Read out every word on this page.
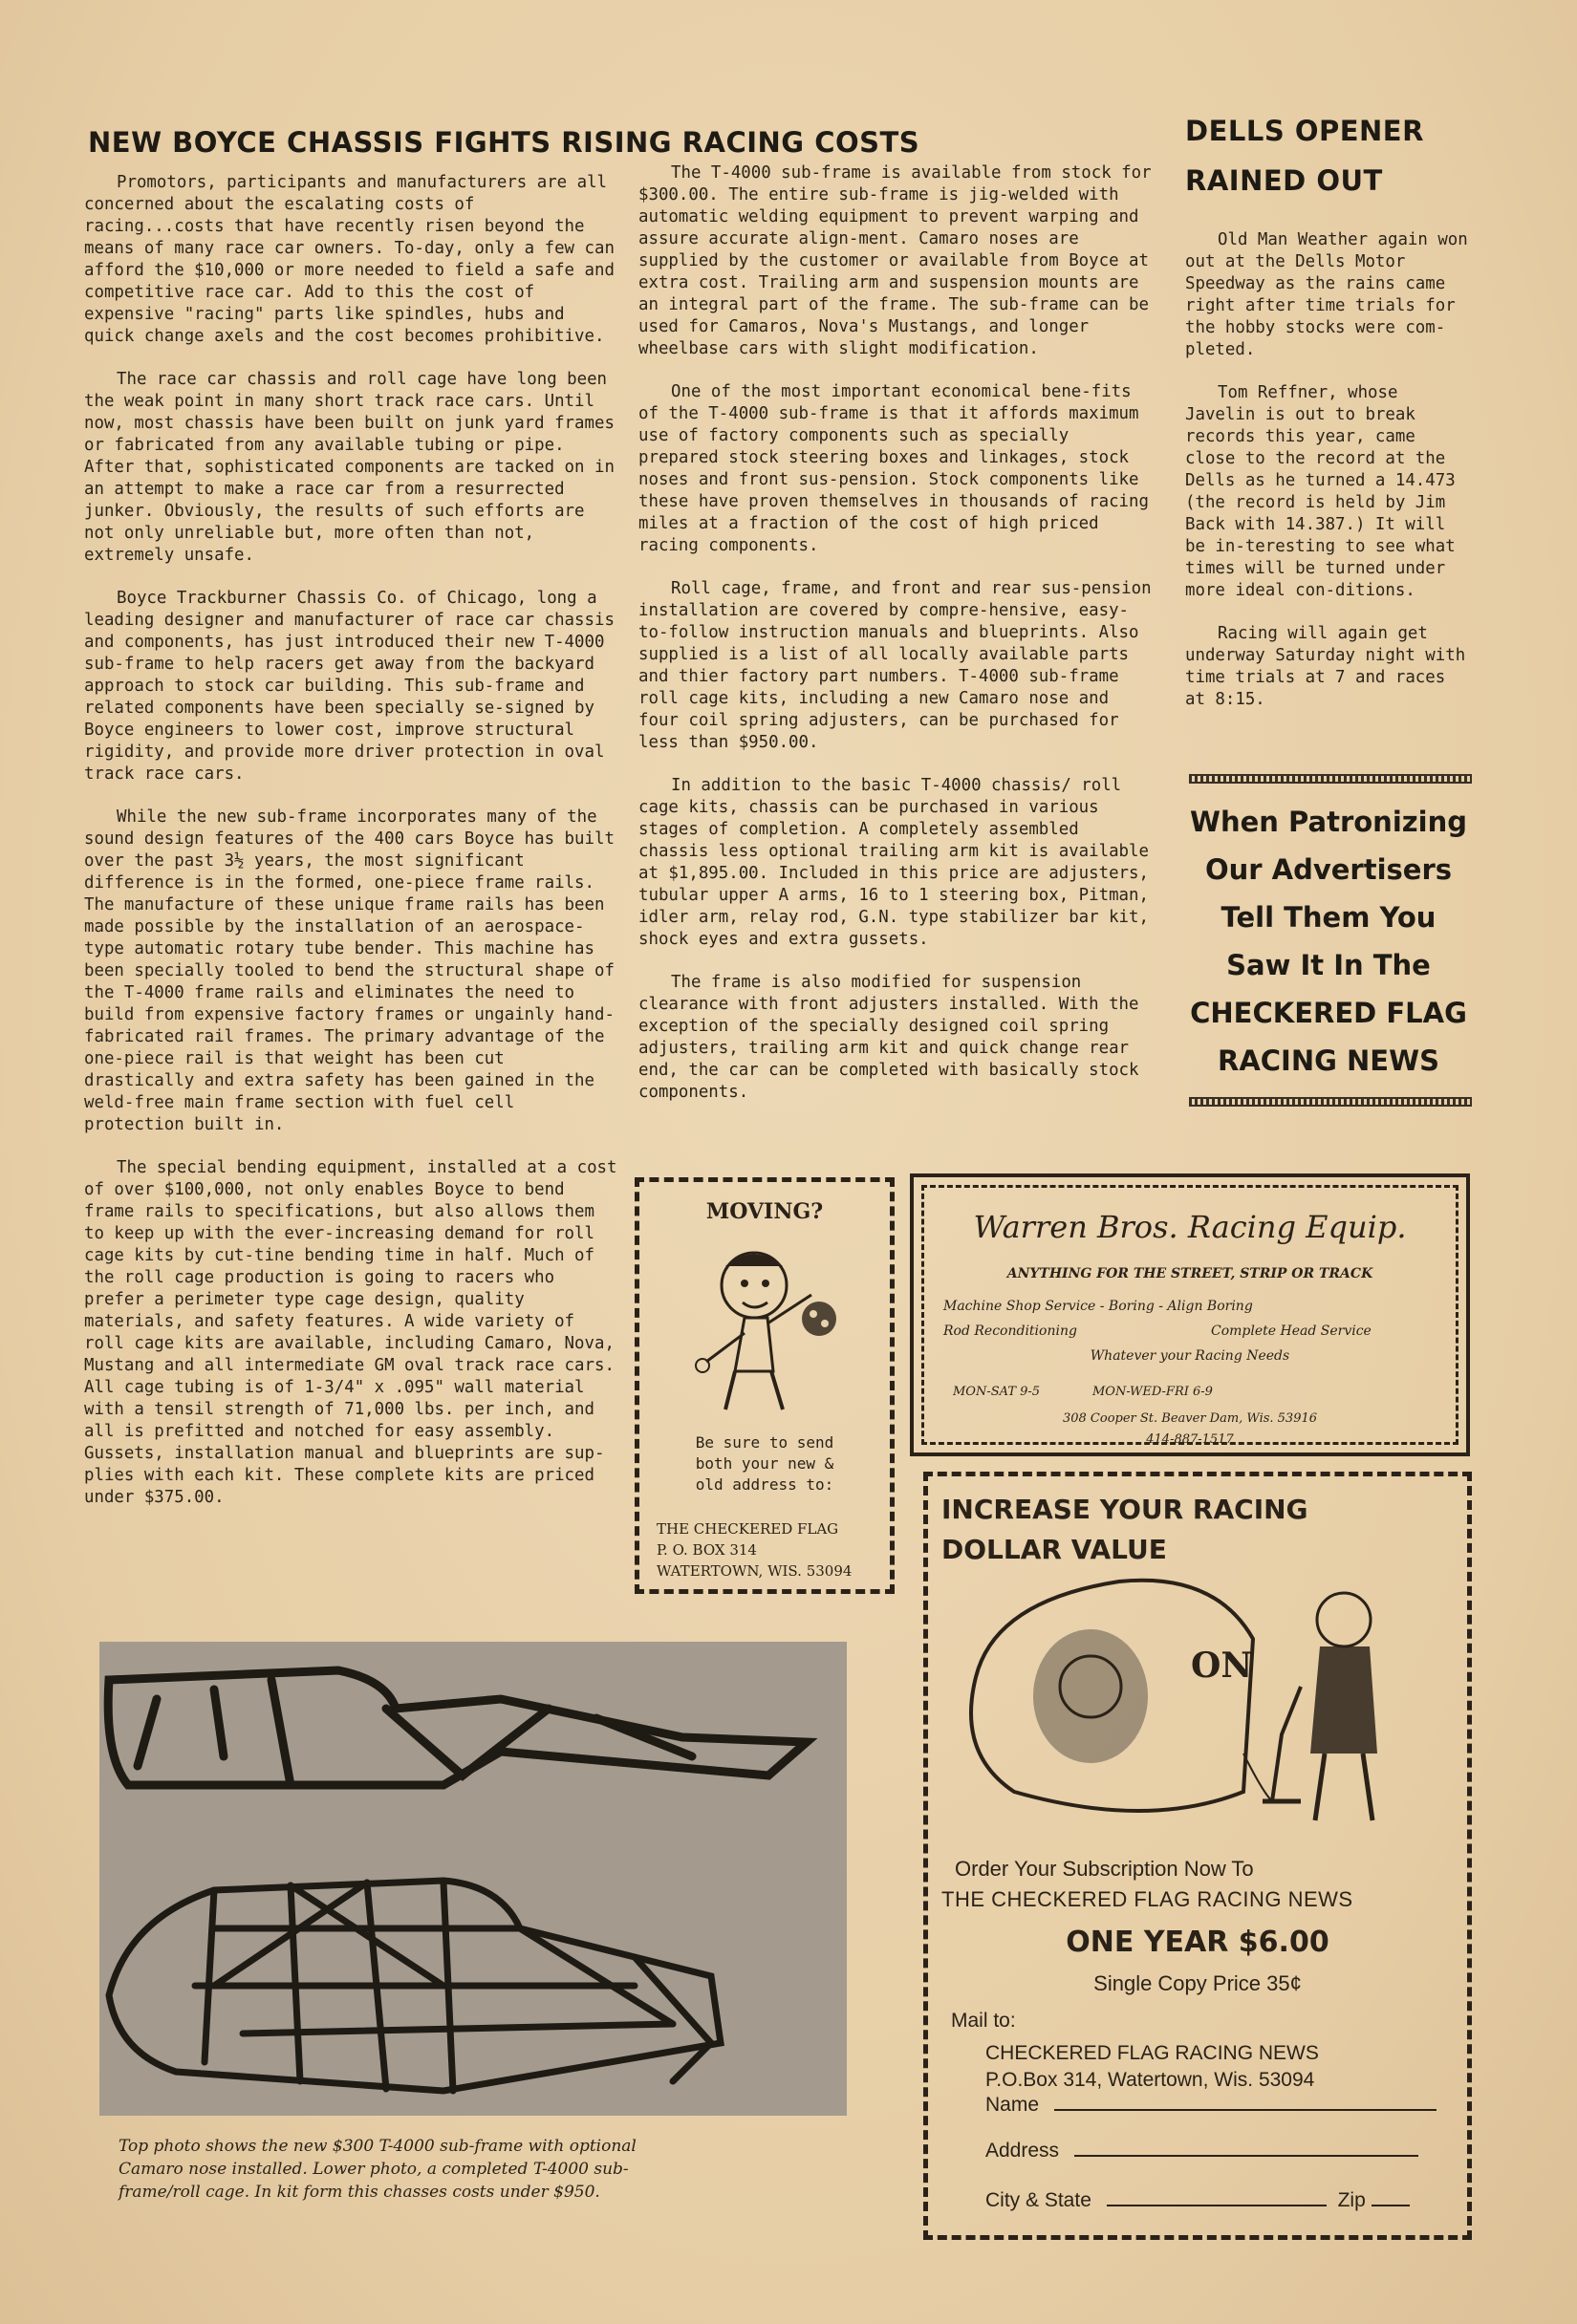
NEW BOYCE CHASSIS FIGHTS RISING RACING COSTS

Promotors, participants and manufacturers are all concerned about the escalating costs of racing...costs that have recently risen beyond the means of many race car owners. To-day, only a few can afford the $10,000 or more needed to field a safe and competitive race car. Add to this the cost of expensive "racing" parts like spindles, hubs and quick change axels and the cost becomes prohibitive.

The race car chassis and roll cage have long been the weak point in many short track race cars. Until now, most chassis have been built on junk yard frames or fabricated from any available tubing or pipe. After that, sophisticated components are tacked on in an attempt to make a race car from a resurrected junker. Obviously, the results of such efforts are not only unreliable but, more often than not, extremely unsafe.

Boyce Trackburner Chassis Co. of Chicago, long a leading designer and manufacturer of race car chassis and components, has just introduced their new T-4000 sub-frame to help racers get away from the backyard approach to stock car building. This sub-frame and related components have been specially se-signed by Boyce engineers to lower cost, improve structural rigidity, and provide more driver protection in oval track race cars.

While the new sub-frame incorporates many of the sound design features of the 400 cars Boyce has built over the past 3½ years, the most significant difference is in the formed, one-piece frame rails. The manufacture of these unique frame rails has been made possible by the installation of an aerospace-type automatic rotary tube bender. This machine has been specially tooled to bend the structural shape of the T-4000 frame rails and eliminates the need to build from expensive factory frames or ungainly hand-fabricated rail frames. The primary advantage of the one-piece rail is that weight has been cut drastically and extra safety has been gained in the weld-free main frame section with fuel cell protection built in.

The special bending equipment, installed at a cost of over $100,000, not only enables Boyce to bend frame rails to specifications, but also allows them to keep up with the ever-increasing demand for roll cage kits by cut-tine bending time in half. Much of the roll cage production is going to racers who prefer a perimeter type cage design, quality materials, and safety features. A wide variety of roll cage kits are available, including Camaro, Nova, Mustang and all intermediate GM oval track race cars. All cage tubing is of 1-3/4" x .095" wall material with a tensil strength of 71,000 lbs. per inch, and all is prefitted and notched for easy assembly. Gussets, installation manual and blueprints are sup-plies with each kit. These complete kits are priced under $375.00.

The T-4000 sub-frame is available from stock for $300.00. The entire sub-frame is jig-welded with automatic welding equipment to prevent warping and assure accurate align-ment. Camaro noses are supplied by the customer or available from Boyce at extra cost. Trailing arm and suspension mounts are an integral part of the frame. The sub-frame can be used for Camaros, Nova's Mustangs, and longer wheelbase cars with slight modification.

One of the most important economical bene-fits of the T-4000 sub-frame is that it affords maximum use of factory components such as specially prepared stock steering boxes and linkages, stock noses and front sus-pension. Stock components like these have proven themselves in thousands of racing miles at a fraction of the cost of high priced racing components.

Roll cage, frame, and front and rear sus-pension installation are covered by compre-hensive, easy-to-follow instruction manuals and blueprints. Also supplied is a list of all locally available parts and thier factory part numbers. T-4000 sub-frame roll cage kits, including a new Camaro nose and four coil spring adjusters, can be purchased for less than $950.00.

In addition to the basic T-4000 chassis/ roll cage kits, chassis can be purchased in various stages of completion. A completely assembled chassis less optional trailing arm kit is available at $1,895.00. Included in this price are adjusters, tubular upper A arms, 16 to 1 steering box, Pitman, idler arm, relay rod, G.N. type stabilizer bar kit, shock eyes and extra gussets.

The frame is also modified for suspension clearance with front adjusters installed. With the exception of the specially designed coil spring adjusters, trailing arm kit and quick change rear end, the car can be completed with basically stock components.

DELLS OPENER
RAINED OUT

Old Man Weather again won out at the Dells Motor Speedway as the rains came right after time trials for the hobby stocks were com-pleted.

Tom Reffner, whose Javelin is out to break records this year, came close to the record at the Dells as he turned a 14.473 (the record is held by Jim Back with 14.387.) It will be in-teresting to see what times will be turned under more ideal con-ditions.

Racing will again get underway Saturday night with time trials at 7 and races at 8:15.

When Patronizing
Our Advertisers
Tell Them You
Saw It In The
CHECKERED FLAG
RACING NEWS
MOVING?
Be sure to send
both your new &
old address to:
THE CHECKERED FLAG
P. O. BOX 314
WATERTOWN, WIS. 53094
Warren Bros. Racing Equip.
ANYTHING FOR THE STREET, STRIP OR TRACK
Machine Shop Service - Boring - Align Boring
Rod Reconditioning	Complete Head Service
Whatever your Racing Needs
MON-SAT 9-5	MON-WED-FRI 6-9
308 Cooper St. Beaver Dam, Wis. 53916
414-887-1517
INCREASE YOUR RACING
DOLLAR VALUE
ON
Order Your Subscription Now To
THE CHECKERED FLAG RACING NEWS
ONE YEAR $6.00
Single Copy Price 35¢
Mail to:
CHECKERED FLAG RACING NEWS
P.O.Box 314, Watertown, Wis. 53094
Name
Address
City & State	Zip
Top photo shows the new $300 T-4000 sub-frame with optional
Camaro nose installed. Lower photo, a completed T-4000 sub-
frame/roll cage. In kit form this chasses costs under $950.
